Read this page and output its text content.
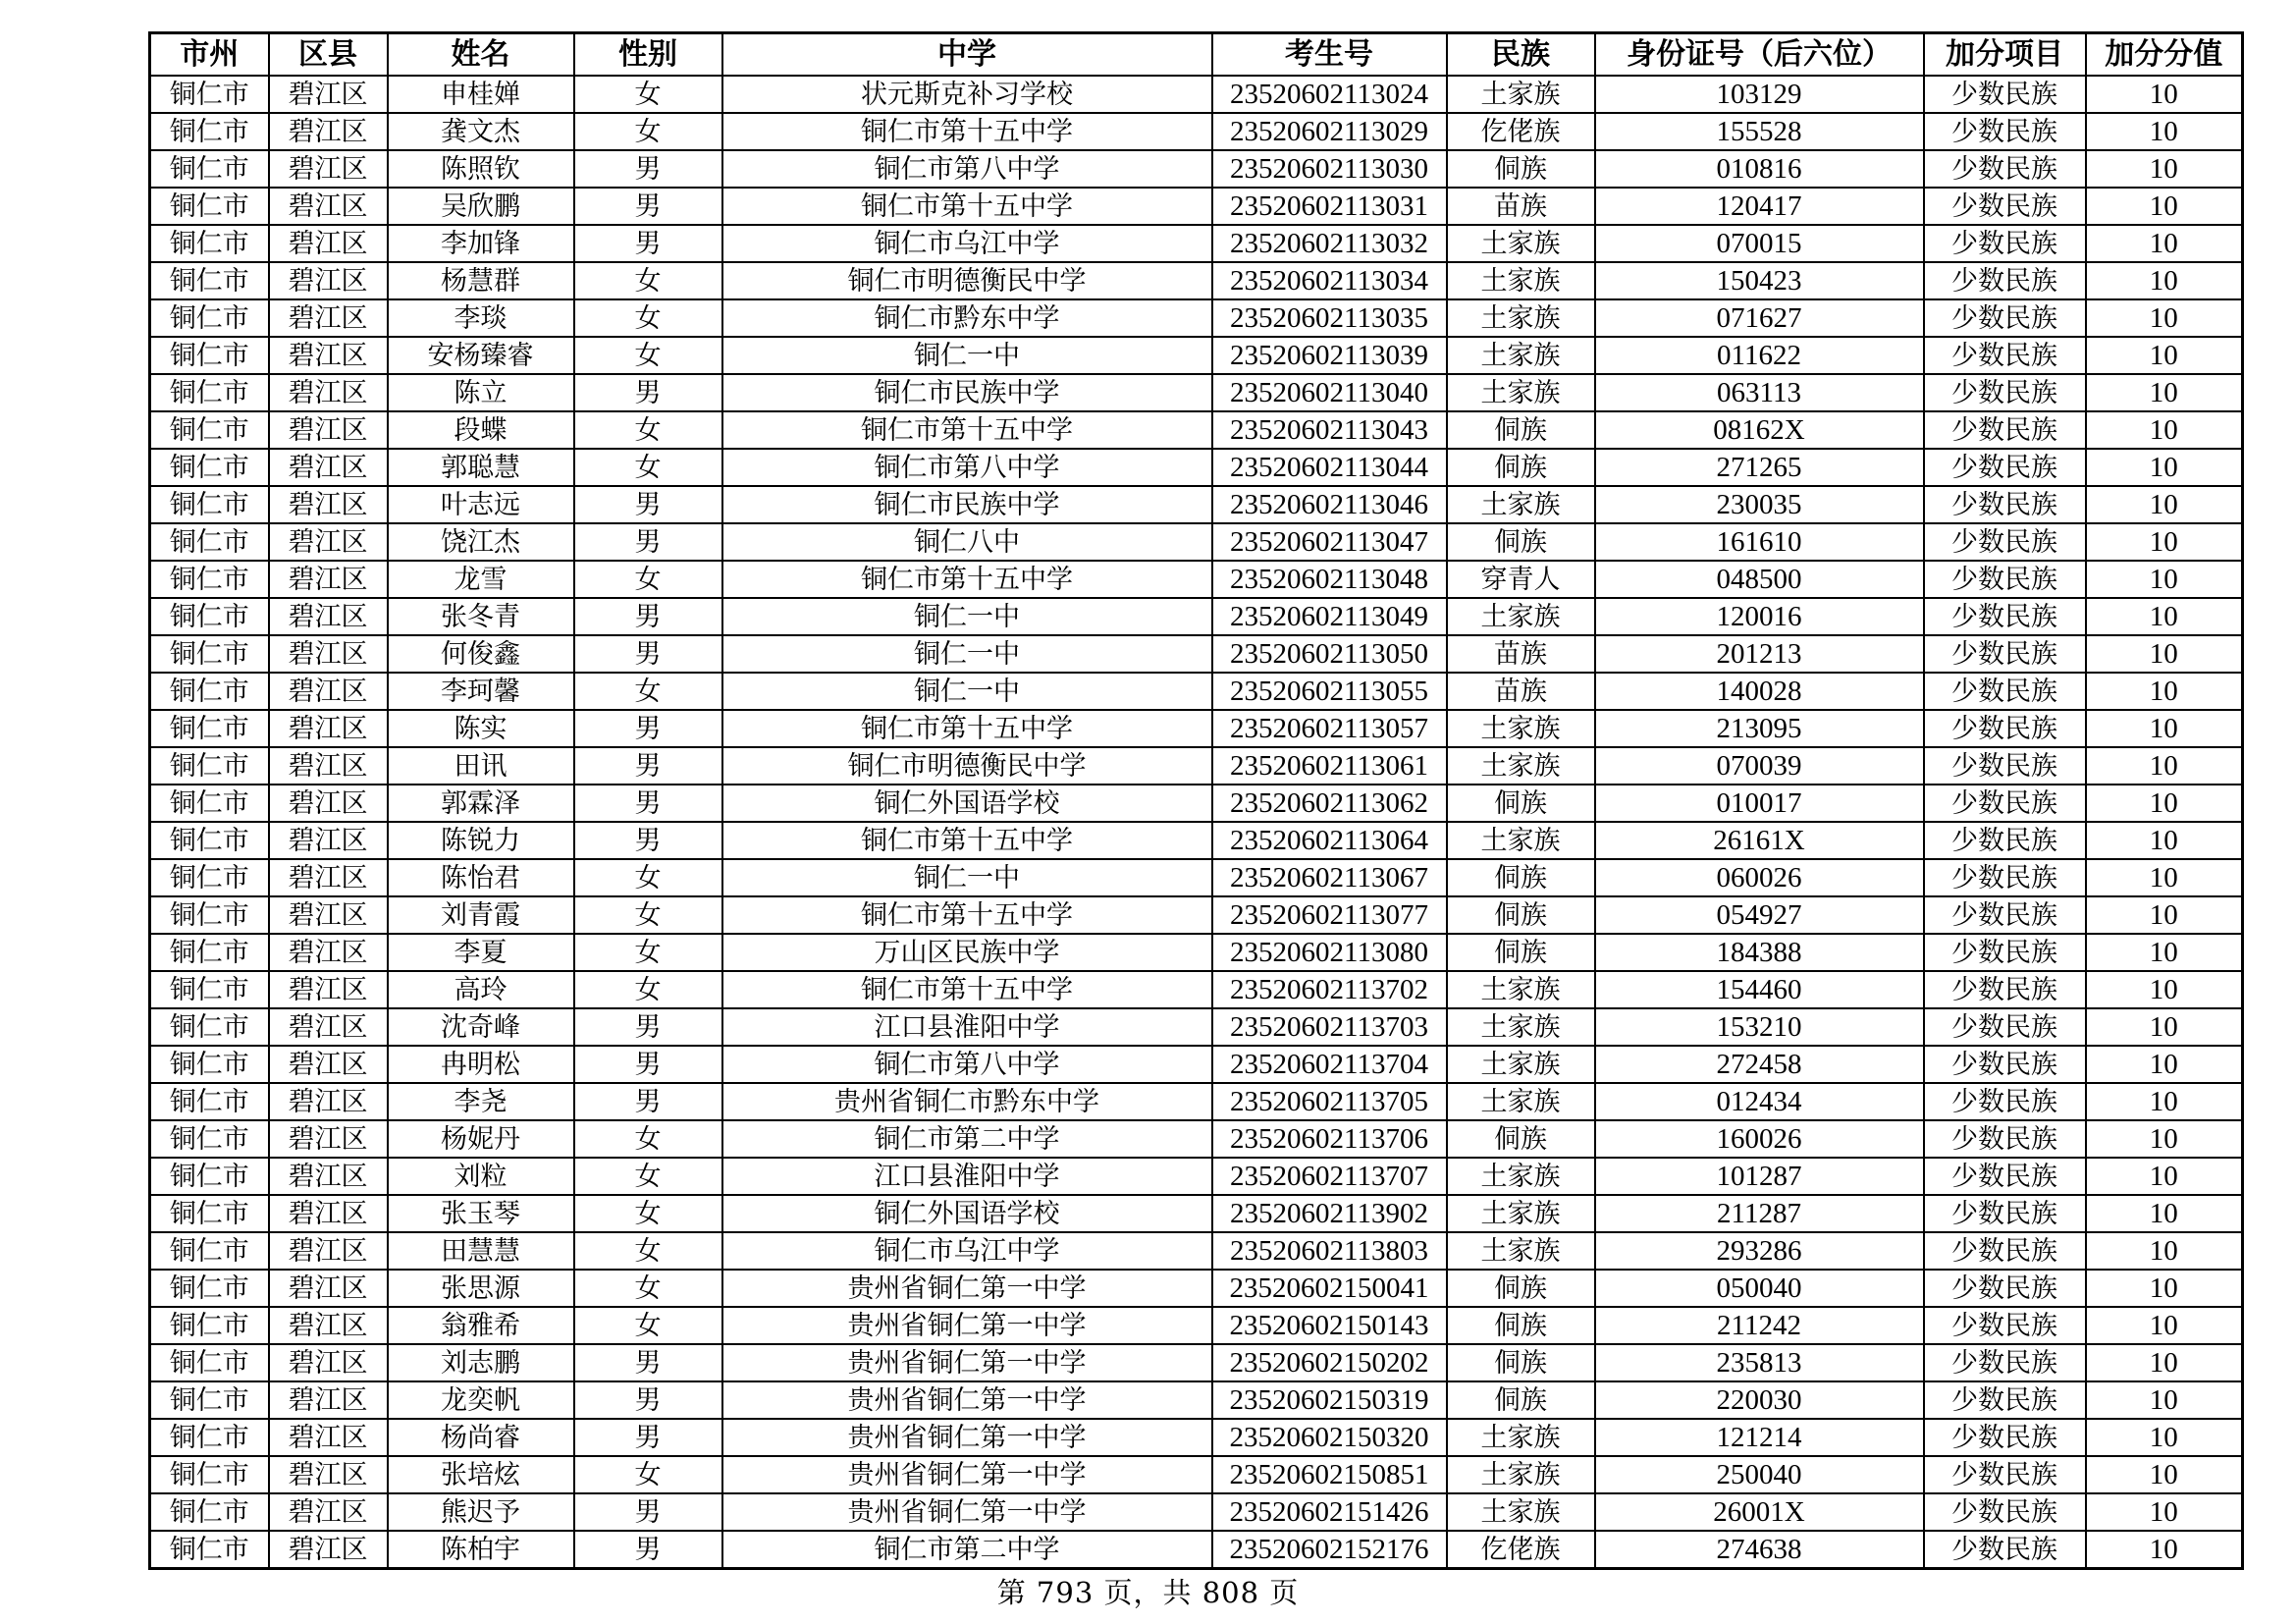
市州	区县	姓名	性别	中学	考生号	民族	身份证号（后六位）	加分项目	加分分值
铜仁市	碧江区	申桂婵	女	状元斯克补习学校	23520602113024	土家族	103129	少数民族	10
铜仁市	碧江区	龚文杰	女	铜仁市第十五中学	23520602113029	仡佬族	155528	少数民族	10
铜仁市	碧江区	陈照钦	男	铜仁市第八中学	23520602113030	侗族	010816	少数民族	10
铜仁市	碧江区	吴欣鹏	男	铜仁市第十五中学	23520602113031	苗族	120417	少数民族	10
铜仁市	碧江区	李加锋	男	铜仁市乌江中学	23520602113032	土家族	070015	少数民族	10
铜仁市	碧江区	杨慧群	女	铜仁市明德衡民中学	23520602113034	土家族	150423	少数民族	10
铜仁市	碧江区	李琰	女	铜仁市黔东中学	23520602113035	土家族	071627	少数民族	10
铜仁市	碧江区	安杨臻睿	女	铜仁一中	23520602113039	土家族	011622	少数民族	10
铜仁市	碧江区	陈立	男	铜仁市民族中学	23520602113040	土家族	063113	少数民族	10
铜仁市	碧江区	段蝶	女	铜仁市第十五中学	23520602113043	侗族	08162X	少数民族	10
铜仁市	碧江区	郭聪慧	女	铜仁市第八中学	23520602113044	侗族	271265	少数民族	10
铜仁市	碧江区	叶志远	男	铜仁市民族中学	23520602113046	土家族	230035	少数民族	10
铜仁市	碧江区	饶江杰	男	铜仁八中	23520602113047	侗族	161610	少数民族	10
铜仁市	碧江区	龙雪	女	铜仁市第十五中学	23520602113048	穿青人	048500	少数民族	10
铜仁市	碧江区	张冬青	男	铜仁一中	23520602113049	土家族	120016	少数民族	10
铜仁市	碧江区	何俊鑫	男	铜仁一中	23520602113050	苗族	201213	少数民族	10
铜仁市	碧江区	李珂馨	女	铜仁一中	23520602113055	苗族	140028	少数民族	10
铜仁市	碧江区	陈实	男	铜仁市第十五中学	23520602113057	土家族	213095	少数民族	10
铜仁市	碧江区	田讯	男	铜仁市明德衡民中学	23520602113061	土家族	070039	少数民族	10
铜仁市	碧江区	郭霖泽	男	铜仁外国语学校	23520602113062	侗族	010017	少数民族	10
铜仁市	碧江区	陈锐力	男	铜仁市第十五中学	23520602113064	土家族	26161X	少数民族	10
铜仁市	碧江区	陈怡君	女	铜仁一中	23520602113067	侗族	060026	少数民族	10
铜仁市	碧江区	刘青霞	女	铜仁市第十五中学	23520602113077	侗族	054927	少数民族	10
铜仁市	碧江区	李夏	女	万山区民族中学	23520602113080	侗族	184388	少数民族	10
铜仁市	碧江区	高玲	女	铜仁市第十五中学	23520602113702	土家族	154460	少数民族	10
铜仁市	碧江区	沈奇峰	男	江口县淮阳中学	23520602113703	土家族	153210	少数民族	10
铜仁市	碧江区	冉明松	男	铜仁市第八中学	23520602113704	土家族	272458	少数民族	10
铜仁市	碧江区	李尧	男	贵州省铜仁市黔东中学	23520602113705	土家族	012434	少数民族	10
铜仁市	碧江区	杨妮丹	女	铜仁市第二中学	23520602113706	侗族	160026	少数民族	10
铜仁市	碧江区	刘粒	女	江口县淮阳中学	23520602113707	土家族	101287	少数民族	10
铜仁市	碧江区	张玉琴	女	铜仁外国语学校	23520602113902	土家族	211287	少数民族	10
铜仁市	碧江区	田慧慧	女	铜仁市乌江中学	23520602113803	土家族	293286	少数民族	10
铜仁市	碧江区	张思源	女	贵州省铜仁第一中学	23520602150041	侗族	050040	少数民族	10
铜仁市	碧江区	翁雅希	女	贵州省铜仁第一中学	23520602150143	侗族	211242	少数民族	10
铜仁市	碧江区	刘志鹏	男	贵州省铜仁第一中学	23520602150202	侗族	235813	少数民族	10
铜仁市	碧江区	龙奕帆	男	贵州省铜仁第一中学	23520602150319	侗族	220030	少数民族	10
铜仁市	碧江区	杨尚睿	男	贵州省铜仁第一中学	23520602150320	土家族	121214	少数民族	10
铜仁市	碧江区	张培炫	女	贵州省铜仁第一中学	23520602150851	土家族	250040	少数民族	10
铜仁市	碧江区	熊迟予	男	贵州省铜仁第一中学	23520602151426	土家族	26001X	少数民族	10
铜仁市	碧江区	陈柏宇	男	铜仁市第二中学	23520602152176	仡佬族	274638	少数民族	10
第 793 页，共 808 页
